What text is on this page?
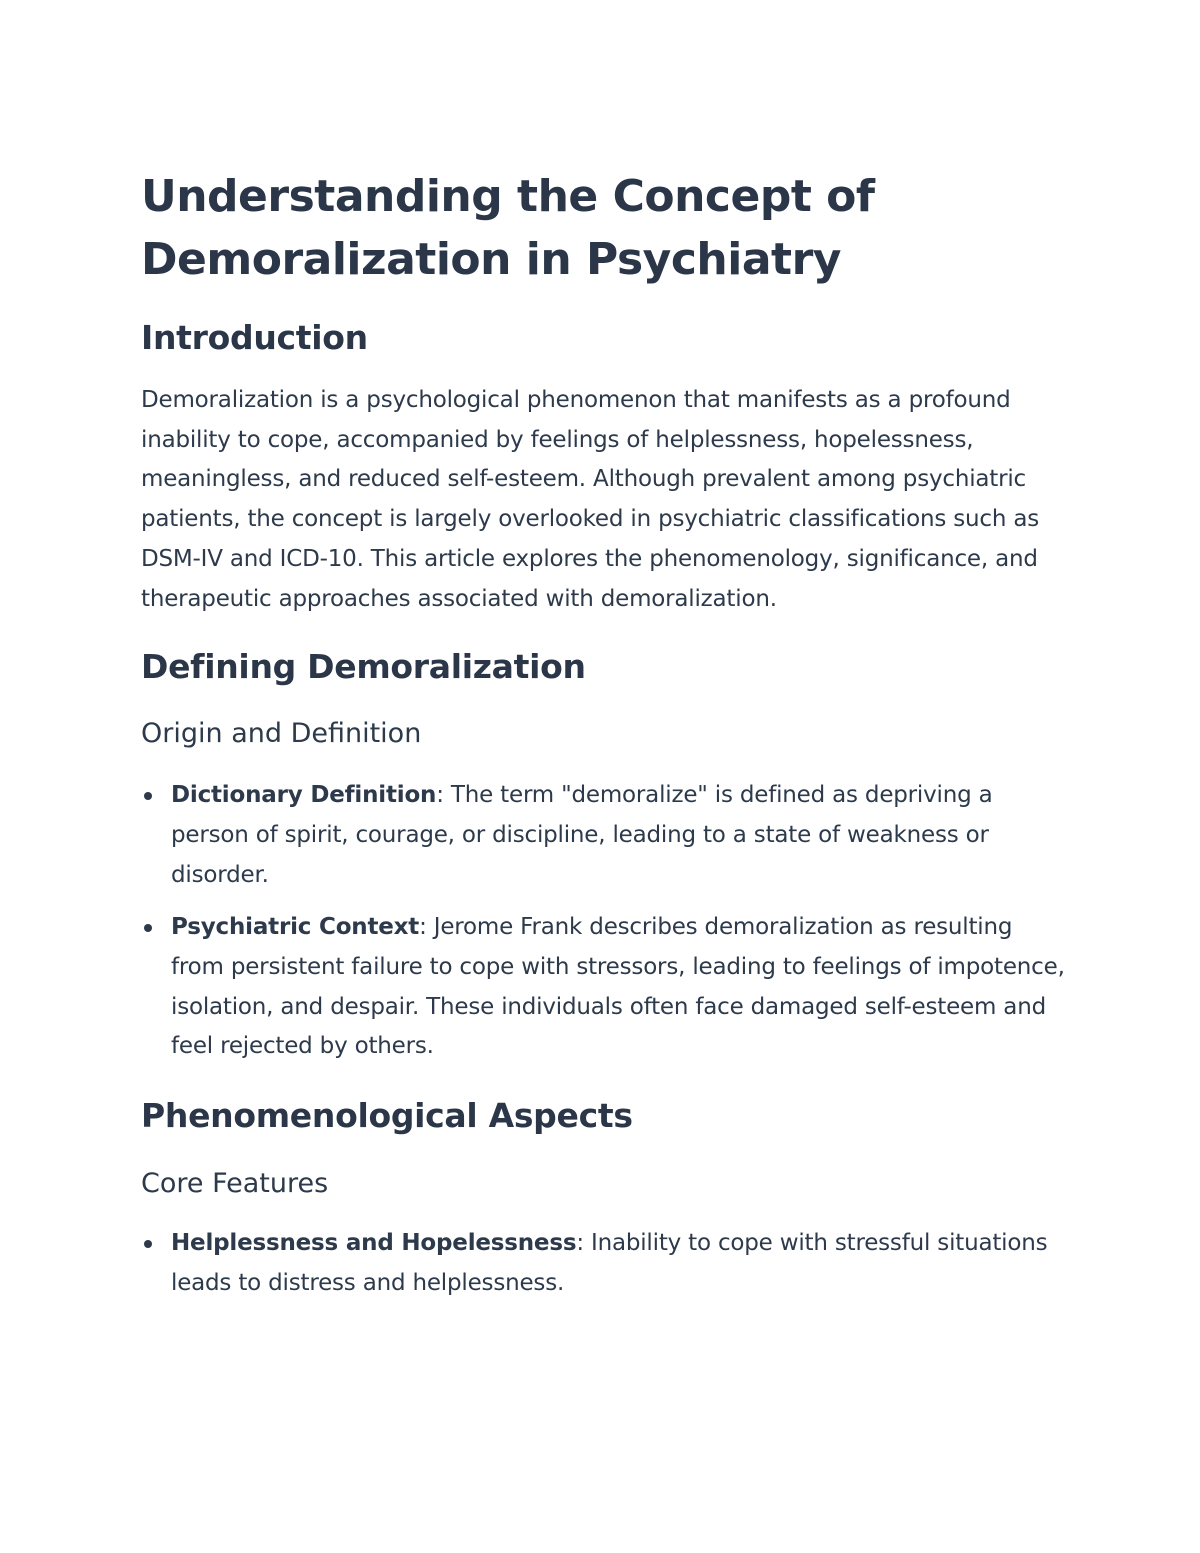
Understanding the Concept of Demoralization in Psychiatry
Introduction

Demoralization is a psychological phenomenon that manifests as a profound inability to cope, accompanied by feelings of helplessness, hopelessness, meaningless, and reduced self-esteem. Although prevalent among psychiatric patients, the concept is largely overlooked in psychiatric classifications such as DSM-IV and ICD-10. This article explores the phenomenology, significance, and therapeutic approaches associated with demoralization.

Defining Demoralization
Origin and Definition
Dictionary Definition: The term "demoralize" is defined as depriving a person of spirit, courage, or discipline, leading to a state of weakness or disorder.
Psychiatric Context: Jerome Frank describes demoralization as resulting from persistent failure to cope with stressors, leading to feelings of impotence, isolation, and despair. These individuals often face damaged self-esteem and feel rejected by others.
Phenomenological Aspects
Core Features
Helplessness and Hopelessness: Inability to cope with stressful situations leads to distress and helplessness.
